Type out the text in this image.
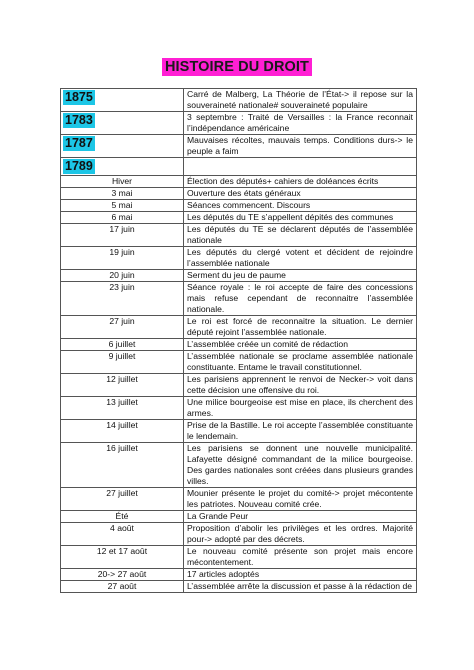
HISTOIRE DU DROIT
1875	Carré de Malberg, La Théorie de l’État-> il repose sur la souveraineté nationale# souveraineté populaire
1783	3 septembre : Traité de Versailles : la France reconnait l’indépendance américaine
1787	Mauvaises récoltes, mauvais temps. Conditions durs-> le peuple a faim
1789	
Hiver	Élection des députés+ cahiers de doléances écrits
3 mai	Ouverture des états généraux
5 mai	Séances commencent. Discours
6 mai	Les députés du TE s’appellent dépités des communes
17 juin	Les députés du TE se déclarent députés de l’assemblée nationale
19 juin	Les députés du clergé votent et décident de rejoindre l’assemblée nationale
20 juin	Serment du jeu de paume
23 juin	Séance royale : le roi accepte de faire des concessions mais refuse cependant de reconnaitre l’assemblée nationale.
27 juin	Le roi est forcé de reconnaitre la situation. Le dernier député rejoint l’assemblée nationale.
6 juillet	L’assemblée créée un comité de rédaction
9 juillet	L’assemblée nationale se proclame assemblée nationale constituante. Entame le travail constitutionnel.
12 juillet	Les parisiens apprennent le renvoi de Necker-> voit dans cette décision une offensive du roi.
13 juillet	Une milice bourgeoise est mise en place, ils cherchent des armes.
14 juillet	Prise de la Bastille. Le roi accepte l’assemblée constituante le lendemain.
16 juillet	Les parisiens se donnent une nouvelle municipalité. Lafayette désigné commandant de la milice bourgeoise. Des gardes nationales sont créées dans plusieurs grandes villes.
27 juillet	Mounier présente le projet du comité-> projet mécontente les patriotes. Nouveau comité crée.
Été	La Grande Peur
4 août	Proposition d’abolir les privilèges et les ordres. Majorité pour-> adopté par des décrets.
12 et 17 août	Le nouveau comité présente son projet mais encore mécontentement.
20-> 27 août	17 articles adoptés
27 août	L’assemblée arrête la discussion et passe à la rédaction de
